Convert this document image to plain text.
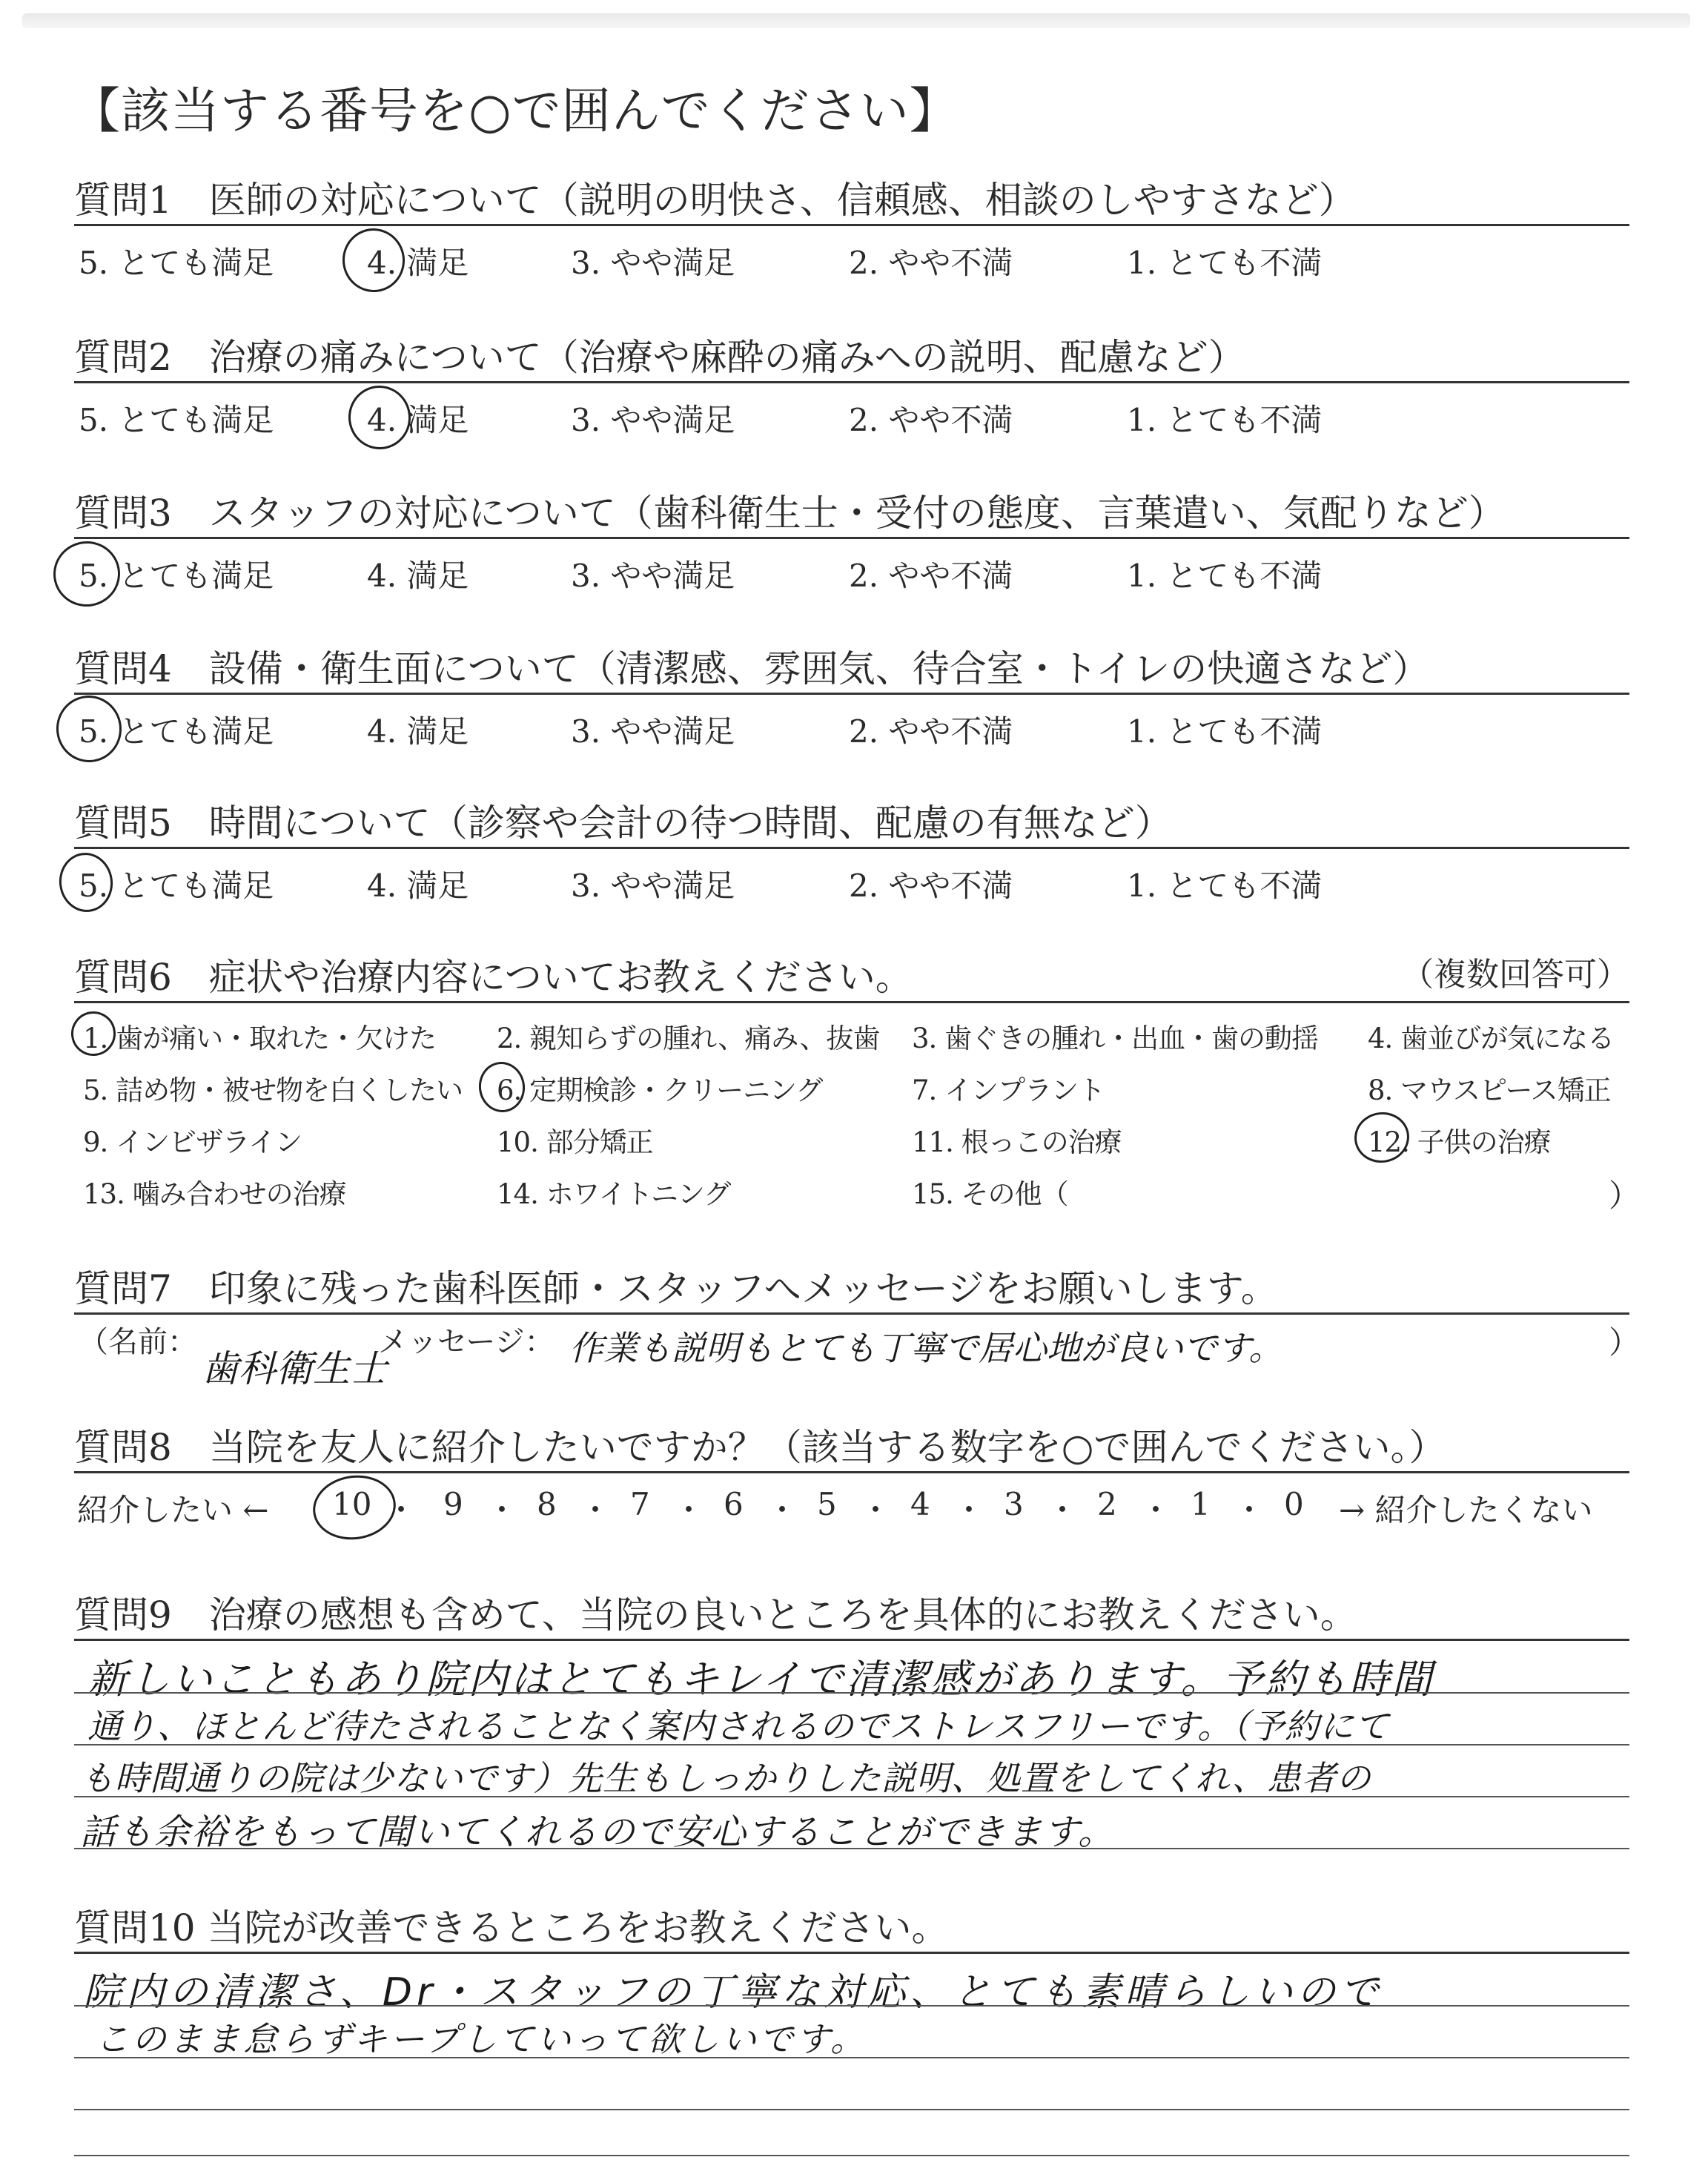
【該当する番号を○で囲んでください】
質問1　医師の対応について（説明の明快さ、信頼感、相談のしやすさなど）
5. とても満足	4. 満足	3. やや満足	2. やや不満	1. とても不満
質問2　治療の痛みについて（治療や麻酔の痛みへの説明、配慮など）
5. とても満足	4. 満足	3. やや満足	2. やや不満	1. とても不満
質問3　スタッフの対応について（歯科衛生士・受付の態度、言葉遣い、気配りなど）
5. とても満足	4. 満足	3. やや満足	2. やや不満	1. とても不満
質問4　設備・衛生面について（清潔感、雰囲気、待合室・トイレの快適さなど）
5. とても満足	4. 満足	3. やや満足	2. やや不満	1. とても不満
質問5　時間について（診察や会計の待つ時間、配慮の有無など）
5. とても満足	4. 満足	3. やや満足	2. やや不満	1. とても不満
質問6　症状や治療内容についてお教えください。	（複数回答可）
1. 歯が痛い・取れた・欠けた 2. 親知らずの腫れ、痛み、抜歯 3. 歯ぐきの腫れ・出血・歯の動揺 4. 歯並びが気になる
5. 詰め物・被せ物を白くしたい 6. 定期検診・クリーニング	7. インプラント	8. マウスピース矯正
9. インビザライン	10. 部分矯正	11. 根っこの治療	12. 子供の治療
13. 噛み合わせの治療	14. ホワイトニング	15. その他（	）
質問7　印象に残った歯科医師・スタッフへメッセージをお願いします。
（名前：
歯科衛生士
メッセージ： 作業も説明もとても丁寧で居心地が良いです。	）
質問8　当院を友人に紹介したいですか？（該当する数字を○で囲んでください。）
紹介したい ← 10 ・ 9 ・ 8 ・ 7 ・ 6 ・ 5 ・ 4 ・ 3 ・ 2 ・ 1 ・ 0 → 紹介したくない
質問9　治療の感想も含めて、当院の良いところを具体的にお教えください。
新しいこともあり院内はとてもキレイで清潔感があります。予約も時間
通り、ほとんど待たされることなく案内されるのでストレスフリーです。（予約にて
も時間通りの院は少ないです）先生もしっかりした説明、処置をしてくれ、患者の
話も余裕をもって聞いてくれるので安心することができます。
質問10 当院が改善できるところをお教えください。
院内の清潔さ、Dr・スタッフの丁寧な対応、とても素晴らしいので
このまま怠らずキープしていって欲しいです。
